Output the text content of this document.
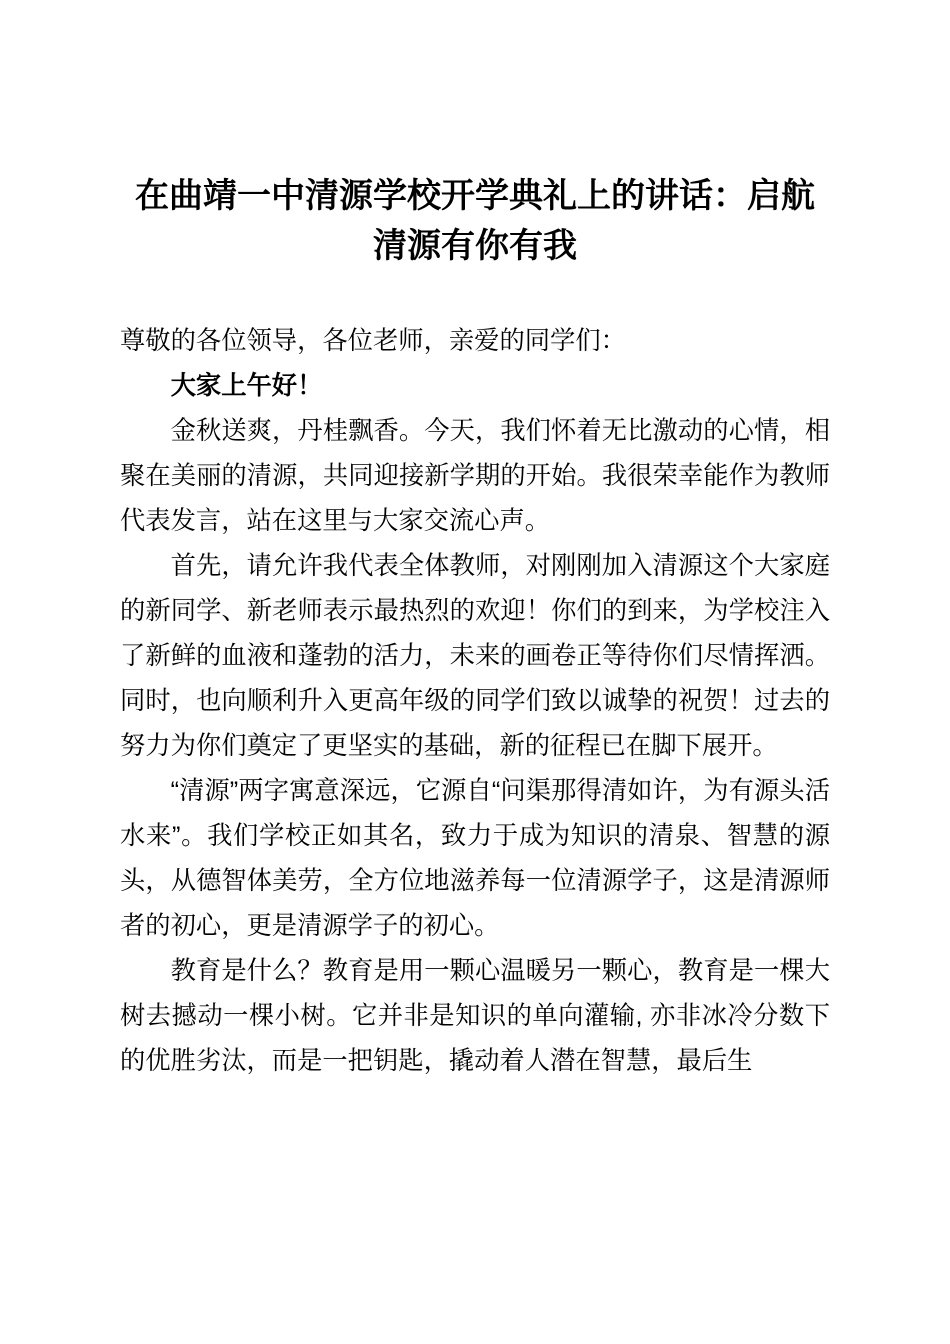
在曲靖一中清源学校开学典礼上的讲话：启航清源有你有我

尊敬的各位领导，各位老师，亲爱的同学们：

大家上午好！

金秋送爽，丹桂飘香。今天，我们怀着无比激动的心情，相聚在美丽的清源，共同迎接新学期的开始。我很荣幸能作为教师代表发言，站在这里与大家交流心声。

首先，请允许我代表全体教师，对刚刚加入清源这个大家庭的新同学、新老师表示最热烈的欢迎！你们的到来，为学校注入了新鲜的血液和蓬勃的活力，未来的画卷正等待你们尽情挥洒。同时，也向顺利升入更高年级的同学们致以诚挚的祝贺！过去的努力为你们奠定了更坚实的基础，新的征程已在脚下展开。

“清源”两字寓意深远，它源自“问渠那得清如许，为有源头活水来”。我们学校正如其名，致力于成为知识的清泉、智慧的源头，从德智体美劳，全方位地滋养每一位清源学子，这是清源师者的初心，更是清源学子的初心。

教育是什么？教育是用一颗心温暖另一颗心，教育是一棵大树去撼动一棵小树。它并非是知识的单向灌输, 亦非冰冷分数下的优胜劣汰，而是一把钥匙，撬动着人潜在智慧，最后生
